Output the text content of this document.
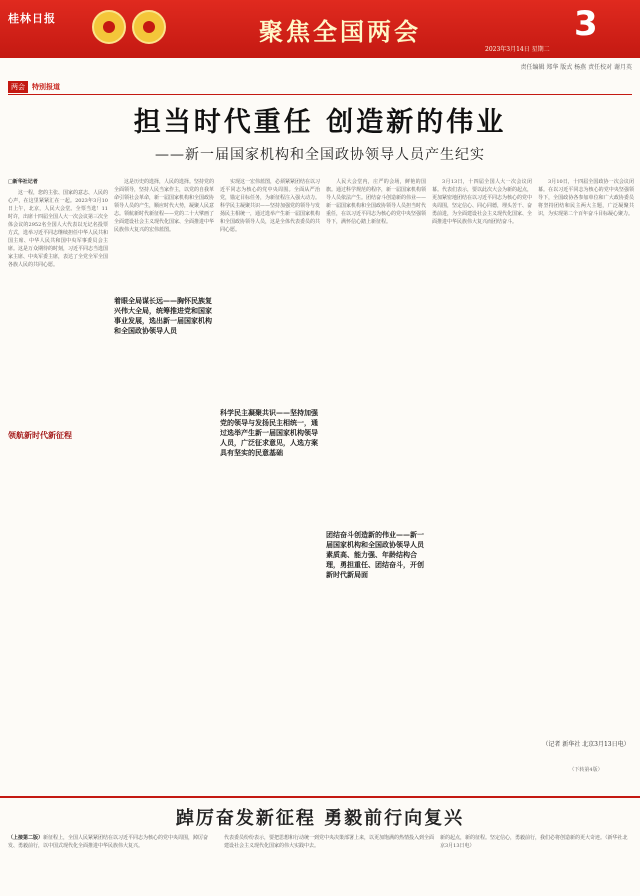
桂林日报	聚焦全国两会	3
2023年3月14日 星期二
责任编辑 郑华 版式 杨燕 责任校对 谢月英
两会	特别报道
担当时代重任 创造新的伟业
——新一届国家机构和全国政协领导人员产生纪实

□新华社记者

这一程，您的主张、国家的意志、人民的心声，在这里紧紧汇在一起。2023年3月10日上午，北京，人民大会堂。全票当选！11时许，出席十四届全国人大一次会议第三次全体会议的2952名全国人大代表以无记名投票方式，选举习近平同志继续担任中华人民共和国主席、中华人民共和国中央军事委员会主席。这是万众期待的时刻，习近平同志当选国家主席、中央军委主席，表达了全党全军全国各族人民的共同心愿。

这是历史的选择，人民的选择。坚持党的全面领导，坚持人民当家作主，以党的自我革命引领社会革命，新一届国家机构和全国政协领导人员的产生，顺应时代大势，凝聚人民意志。领航新时代新征程——党的二十大擘画了全面建设社会主义现代化国家、全面推进中华民族伟大复兴的宏伟蓝图。

实现这一宏伟蓝图，必须紧紧团结在以习近平同志为核心的党中央周围。全面从严治党，锚定目标任务，为新征程注入强大动力。科学民主凝聚共识——坚持加强党的领导与发扬民主相统一，通过选举产生新一届国家机构和全国政协领导人员，这是全体代表委员的共同心愿。

人民大会堂内，庄严的会场，鲜艳的国旗。通过科学规范的程序，新一届国家机构领导人员依法产生。团结奋斗创造新的伟业——新一届国家机构和全国政协领导人员担当时代重任，在以习近平同志为核心的党中央坚强领导下，满怀信心踏上新征程。

3月13日，十四届全国人大一次会议闭幕。代表们表示，要以此次大会为新的起点，更加紧密地团结在以习近平同志为核心的党中央周围，坚定信心、同心同德，埋头苦干、奋勇前进，为全面建设社会主义现代化国家、全面推进中华民族伟大复兴而团结奋斗。

3月10日，十四届全国政协一次会议闭幕。在以习近平同志为核心的党中央坚强领导下，全国政协各参加单位和广大政协委员将坚持团结和民主两大主题，广泛凝聚共识，为实现第二个百年奋斗目标凝心聚力。

领航新时代新征程
着眼全局谋长远——胸怀民族复兴伟大全局，统筹推进党和国家事业发展，选出新一届国家机构和全国政协领导人员
科学民主凝聚共识——坚持加强党的领导与发扬民主相统一，通过选举产生新一届国家机构领导人员，广泛征求意见，人选方案具有坚实的民意基础
团结奋斗创造新的伟业——新一届国家机构和全国政协领导人员素质高、能力强、年龄结构合理，勇担重任、团结奋斗，开创新时代新局面
（记者 新华社 北京3月13日电）
（下转第4版）
踔厉奋发新征程 勇毅前行向复兴
（上接第二版）新征程上，全国人民紧紧团结在以习近平同志为核心的党中央周围，踔厉奋发、勇毅前行，以中国式现代化全面推进中华民族伟大复兴。
代表委员纷纷表示，要把思想和行动统一到党中央决策部署上来，以更加饱满的热情投入到全面建设社会主义现代化国家的伟大实践中去。
新的起点，新的征程。坚定信心，勇毅前行，我们必将创造新的更大奇迹。（新华社北京3月13日电）
